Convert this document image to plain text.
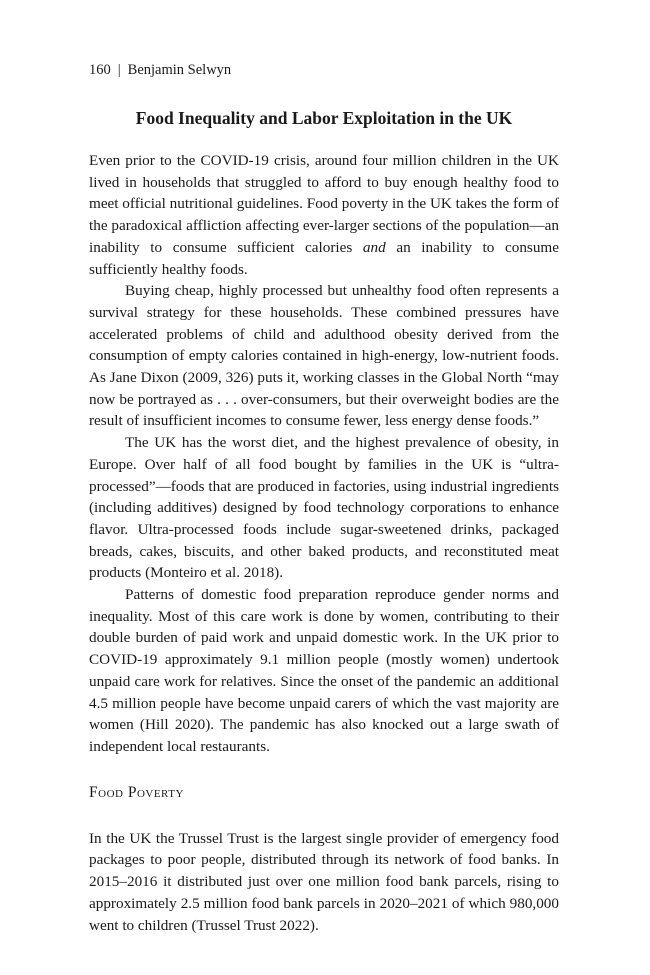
160 | Benjamin Selwyn
Food Inequality and Labor Exploitation in the UK

Even prior to the COVID-19 crisis, around four million children in the UK lived in households that struggled to afford to buy enough healthy food to meet official nutritional guidelines. Food poverty in the UK takes the form of the paradoxical affliction affecting ever-larger sections of the population—an inability to consume sufficient calories and an inability to consume sufficiently healthy foods.

Buying cheap, highly processed but unhealthy food often represents a survival strategy for these households. These combined pressures have accelerated problems of child and adulthood obesity derived from the consumption of empty calories contained in high-energy, low-nutrient foods. As Jane Dixon (2009, 326) puts it, working classes in the Global North “may now be portrayed as . . . over-consumers, but their overweight bodies are the result of insufficient incomes to consume fewer, less energy dense foods.”

The UK has the worst diet, and the highest prevalence of obesity, in Europe. Over half of all food bought by families in the UK is “ultra-processed”—foods that are produced in factories, using industrial ingredients (including additives) designed by food technology corporations to enhance flavor. Ultra-processed foods include sugar-sweetened drinks, packaged breads, cakes, biscuits, and other baked products, and reconstituted meat products (Monteiro et al. 2018).

Patterns of domestic food preparation reproduce gender norms and inequality. Most of this care work is done by women, contributing to their double burden of paid work and unpaid domestic work. In the UK prior to COVID-19 approximately 9.1 million people (mostly women) undertook unpaid care work for relatives. Since the onset of the pandemic an additional 4.5 million people have become unpaid carers of which the vast majority are women (Hill 2020). The pandemic has also knocked out a large swath of independent local restaurants.

Food Poverty

In the UK the Trussel Trust is the largest single provider of emergency food packages to poor people, distributed through its network of food banks. In 2015–2016 it distributed just over one million food bank parcels, rising to approximately 2.5 million food bank parcels in 2020–2021 of which 980,000 went to children (Trussel Trust 2022).
